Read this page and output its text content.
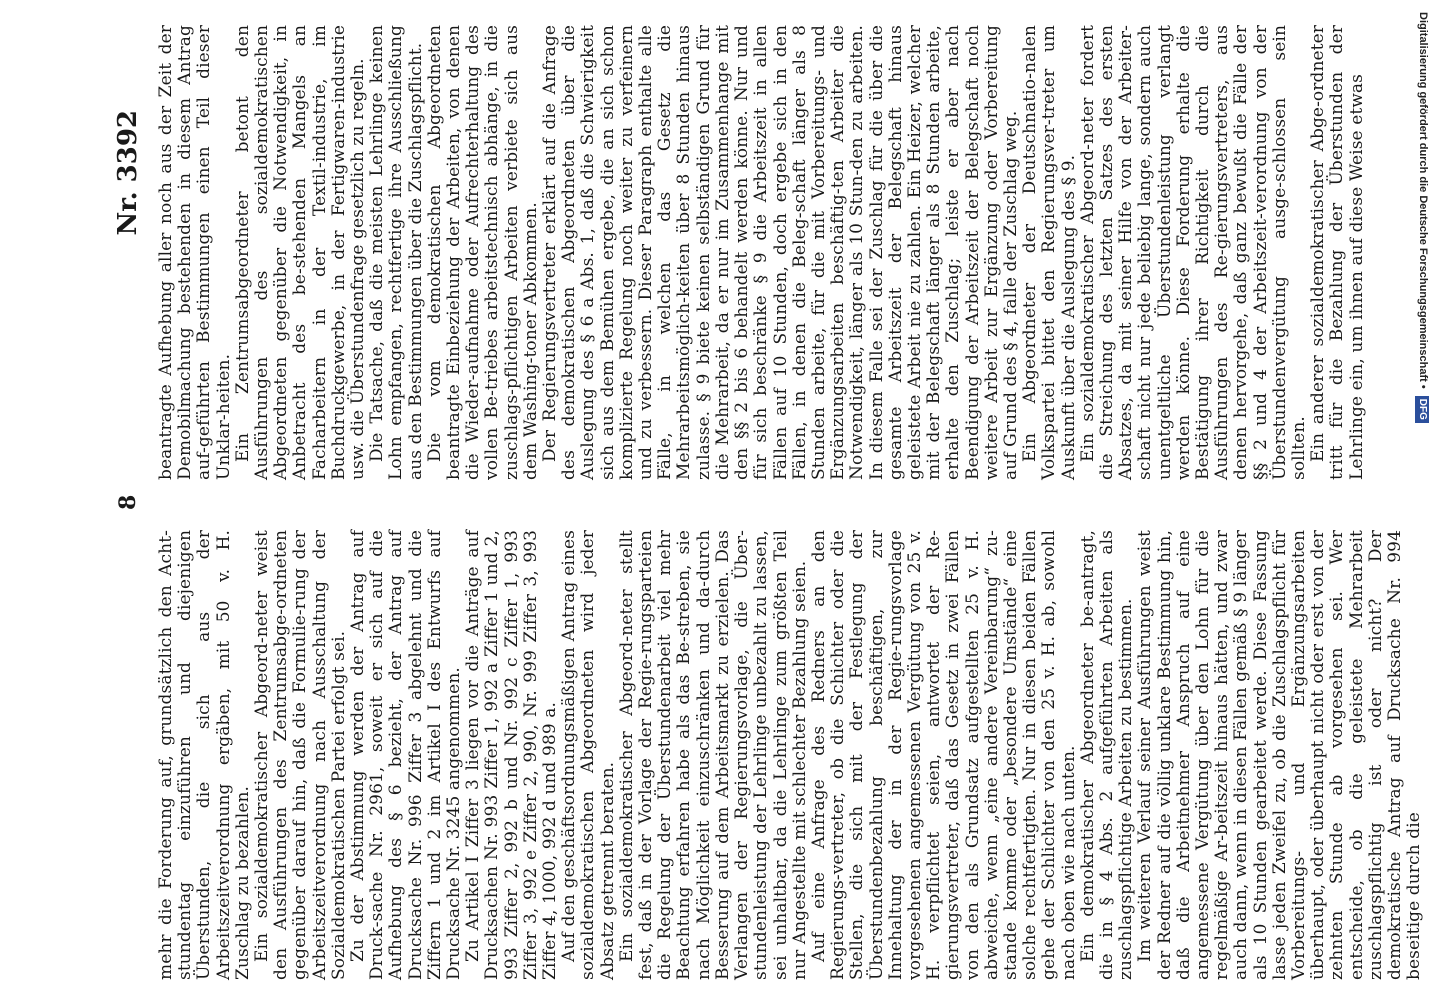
8
Nr. 3392

mehr die Forderung auf, grundsätzlich den Acht-stundentag einzuführen und diejenigen Überstunden, die sich aus der Arbeitszeitverordnung ergäben, mit 50 v. H. Zuschlag zu bezahlen. Ein sozialdemokratischer Abgeord-neter weist den Ausführungen des Zentrumsabge-ordneten gegenüber darauf hin, daß die Formulie-rung der Arbeitszeitverordnung nach Ausschaltung der Sozialdemokratischen Partei erfolgt sei. Zu der Abstimmung werden der Antrag auf Druck-sache Nr. 2961, soweit er sich auf die Aufhebung des § 6 bezieht, der Antrag auf Drucksache Nr. 996 Ziffer 3 abgelehnt und die Ziffern 1 und 2 im Artikel I des Entwurfs auf Drucksache Nr. 3245 angenommen. Zu Artikel I Ziffer 3 liegen vor die Anträge auf Drucksachen Nr. 993 Ziffer 1, 992 a Ziffer 1 und 2, 993 Ziffer 2, 992 b und Nr. 992 c Ziffer 1, 993 Ziffer 3, 992 e Ziffer 2, 990, Nr. 999 Ziffer 3, 993 Ziffer 4, 1000, 992 d und 989 a. Auf den geschäftsordnungsmäßigen Antrag eines sozialdemokratischen Abgeordneten wird jeder Absatz getrennt beraten. Ein sozialdemokratischer Abgeord-neter stellt fest, daß in der Vorlage der Regie-rungsparteien die Regelung der Überstundenarbeit viel mehr Beachtung erfahren habe als das Be-streben, sie nach Möglichkeit einzuschränken und da-durch Besserung auf dem Arbeitsmarkt zu erzielen. Das Verlangen der Regierungsvorlage, die Über-stundenleistung der Lehrlinge unbezahlt zu lassen, sei unhaltbar, da die Lehrlinge zum größten Teil nur Angestellte mit schlechter Bezahlung seien. Auf eine Anfrage des Redners an den Regierungs-vertreter, ob die Schichter oder die Stellen, die sich mit der Festlegung der Überstundenbezahlung beschäftigen, zur Innehaltung der in der Regie-rungsvorlage vorgesehenen angemessenen Vergütung von 25 v. H. verpflichtet seien, antwortet der Re-gierungsvertreter, daß das Gesetz in zwei Fällen von den als Grundsatz aufgestellten 25 v. H. abweiche, wenn „eine andere Vereinbarung“ zu-stande komme oder „besondere Umstände“ eine solche rechtfertigten. Nur in diesen beiden Fällen gehe der Schlichter von den 25 v. H. ab, sowohl nach oben wie nach unten. Ein demokratischer Abgeordneter be-antragt, die in § 4 Abs. 2 aufgeführten Arbeiten als zuschlagspflichtige Arbeiten zu bestimmen. Im weiteren Verlauf seiner Ausführungen weist der Redner auf die völlig unklare Bestimmung hin, daß die Arbeitnehmer Anspruch auf eine angemessene Vergütung über den Lohn für die regelmäßige Ar-beitszeit hinaus hätten, und zwar auch dann, wenn in diesen Fällen gemäß § 9 länger als 10 Stunden gearbeitet werde. Diese Fassung lasse jeden Zweifel zu, ob die Zuschlagspflicht für Vorbereitungs- und Ergänzungsarbeiten überhaupt, oder überhaupt nicht oder erst von der zehnten Stunde ab vorgesehen sei. Wer entscheide, ob die geleistete Mehrarbeit zuschlagspflichtig ist oder nicht? Der demokratische Antrag auf Drucksache Nr. 994 beseitige durch die

beantragte Aufhebung aller noch aus der Zeit der Demobilmachung bestehenden in diesem Antrag auf-geführten Bestimmungen einen Teil dieser Unklar-heiten. Ein Zentrumsabgeordneter betont den Ausführungen des sozialdemokratischen Abgeordneten gegenüber die Notwendigkeit, in Anbetracht des be-stehenden Mangels an Facharbeitern in der Textil-industrie, im Buchdruckgewerbe, in der Fertigwaren-industrie usw. die Überstundenfrage gesetzlich zu regeln. Die Tatsache, daß die meisten Lehrlinge keinen Lohn empfangen, rechtfertige ihre Ausschließung aus den Bestimmungen über die Zuschlagspflicht. Die vom demokratischen Abgeordneten beantragte Einbeziehung der Arbeiten, von denen die Wieder-aufnahme oder Aufrechterhaltung des vollen Be-triebes arbeitstechnisch abhänge, in die zuschlags-pflichtigen Arbeiten verbiete sich aus dem Washing-toner Abkommen. Der Regierungsvertreter erklärt auf die Anfrage des demokratischen Abgeordneten über die Auslegung des § 6 a Abs. 1, daß die Schwierigkeit sich aus dem Bemühen ergebe, die an sich schon komplizierte Regelung noch weiter zu verfeinern und zu verbessern. Dieser Paragraph enthalte alle Fälle, in welchen das Gesetz die Mehrarbeitsmöglich-keiten über 8 Stunden hinaus zulasse. § 9 biete keinen selbständigen Grund für die Mehrarbeit, da er nur im Zusammenhange mit den §§ 2 bis 6 behandelt werden könne. Nur und für sich beschränke § 9 die Arbeitszeit in allen Fällen auf 10 Stunden, doch ergebe sich in den Fällen, in denen die Beleg-schaft länger als 8 Stunden arbeite, für die mit Vorbereitungs- und Ergänzungsarbeiten beschäftig-ten Arbeiter die Notwendigkeit, länger als 10 Stun-den zu arbeiten. In diesem Falle sei der Zuschlag für die über die gesamte Arbeitszeit der Belegschaft hinaus geleistete Arbeit nie zu zahlen. Ein Heizer, welcher mit der Belegschaft länger als 8 Stunden arbeite, erhalte den Zuschlag; leiste er aber nach Beendigung der Arbeitszeit der Belegschaft noch weitere Arbeit zur Ergänzung oder Vorbereitung auf Grund des § 4, falle der Zuschlag weg. Ein Abgeordneter der Deutschnatio-nalen Volkspartei bittet den Regierungsver-treter um Auskunft über die Auslegung des § 9. Ein sozialdemokratischer Abgeord-neter fordert die Streichung des letzten Satzes des ersten Absatzes, da mit seiner Hilfe von der Arbeiter-schaft nicht nur jede beliebig lange, sondern auch unentgeltliche Überstundenleistung verlangt werden könne. Diese Forderung erhalte die Bestätigung ihrer Richtigkeit durch die Ausführungen des Re-gierungsvertreters, aus denen hervorgehe, daß ganz bewußt die Fälle der §§ 2 und 4 der Arbeitszeit-verordnung von der Überstundenvergütung ausge-schlossen sein sollten. Ein anderer sozialdemokratischer Abge-ordneter tritt für die Bezahlung der Überstunden der Lehrlinge ein, um ihnen auf diese Weise etwas	Digitalisierung gefördert durch die Deutsche Forschungsgemeinschaft • DFG
